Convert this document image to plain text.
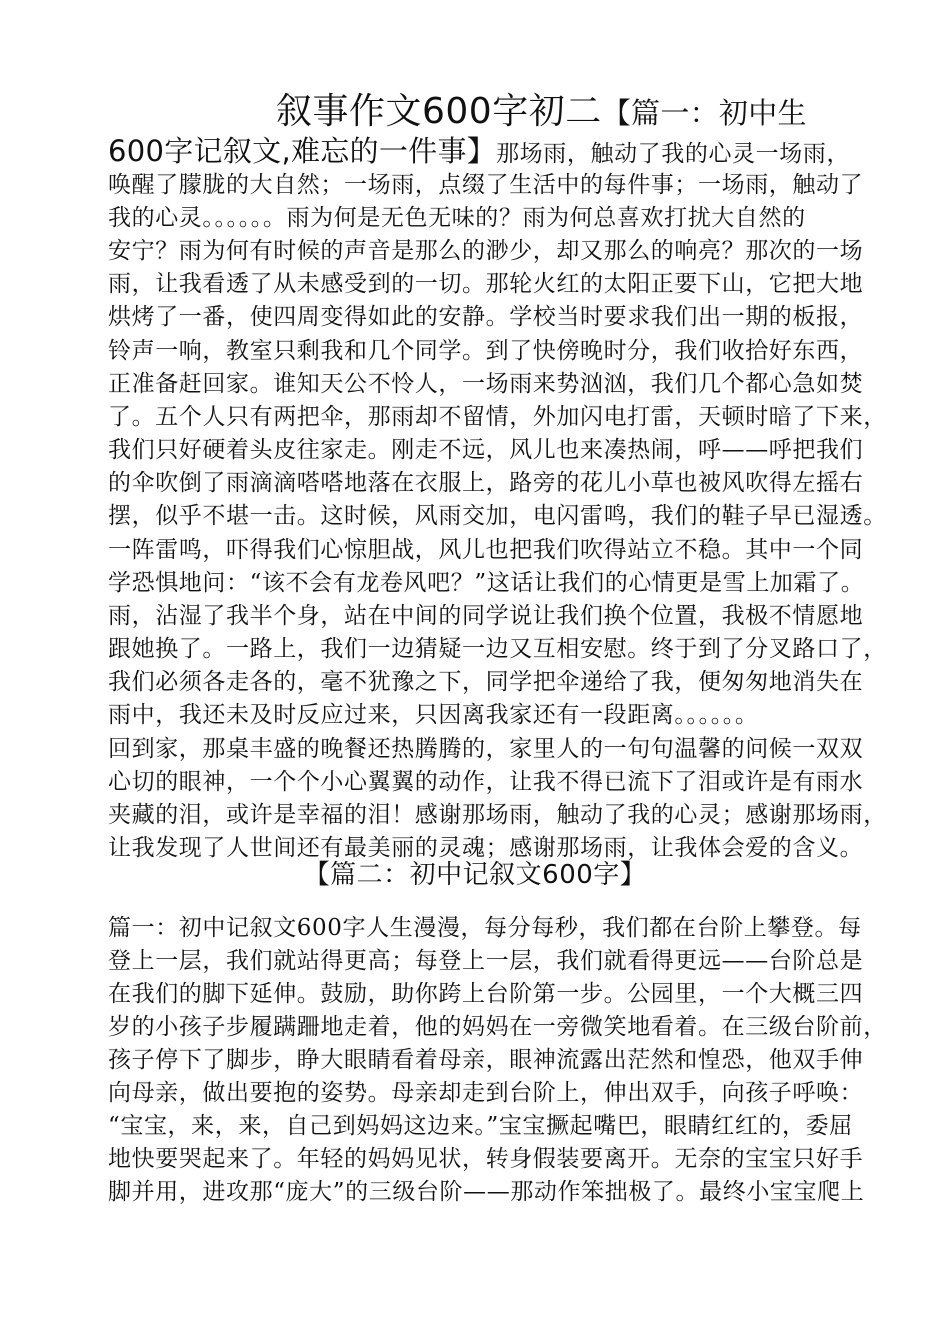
叙事作文600字初二【篇一：初中生
600字记叙文,难忘的一件事】那场雨，触动了我的心灵一场雨，
唤醒了朦胧的大自然；一场雨，点缀了生活中的每件事；一场雨，触动了
我的心灵。。。。。。雨为何是无色无味的？雨为何总喜欢打扰大自然的
安宁？雨为何有时候的声音是那么的渺少，却又那么的响亮？那次的一场
雨，让我看透了从未感受到的一切。那轮火红的太阳正要下山，它把大地
烘烤了一番，使四周变得如此的安静。学校当时要求我们出一期的板报，
铃声一响，教室只剩我和几个同学。到了快傍晚时分，我们收拾好东西，
正准备赶回家。谁知天公不怜人，一场雨来势汹汹，我们几个都心急如焚
了。五个人只有两把伞，那雨却不留情，外加闪电打雷，天顿时暗了下来，
我们只好硬着头皮往家走。刚走不远，风儿也来凑热闹，呼——呼把我们
的伞吹倒了雨滴滴嗒嗒地落在衣服上，路旁的花儿小草也被风吹得左摇右
摆，似乎不堪一击。这时候，风雨交加，电闪雷鸣，我们的鞋子早已湿透。
一阵雷鸣，吓得我们心惊胆战，风儿也把我们吹得站立不稳。其中一个同
学恐惧地问：“该不会有龙卷风吧？”这话让我们的心情更是雪上加霜了。
雨，沾湿了我半个身，站在中间的同学说让我们换个位置，我极不情愿地
跟她换了。一路上，我们一边猜疑一边又互相安慰。终于到了分叉路口了，
我们必须各走各的，毫不犹豫之下，同学把伞递给了我，便匆匆地消失在
雨中，我还未及时反应过来，只因离我家还有一段距离。。。。。。
回到家，那桌丰盛的晚餐还热腾腾的，家里人的一句句温馨的问候一双双
心切的眼神，一个个小心翼翼的动作，让我不得已流下了泪或许是有雨水
夹藏的泪，或许是幸福的泪！感谢那场雨，触动了我的心灵；感谢那场雨，
让我发现了人世间还有最美丽的灵魂；感谢那场雨，让我体会爱的含义。
【篇二：初中记叙文600字】
篇一：初中记叙文600字人生漫漫，每分每秒，我们都在台阶上攀登。每
登上一层，我们就站得更高；每登上一层，我们就看得更远——台阶总是
在我们的脚下延伸。鼓励，助你跨上台阶第一步。公园里，一个大概三四
岁的小孩子步履蹒跚地走着，他的妈妈在一旁微笑地看着。在三级台阶前，
孩子停下了脚步，睁大眼睛看着母亲，眼神流露出茫然和惶恐，他双手伸
向母亲，做出要抱的姿势。母亲却走到台阶上，伸出双手，向孩子呼唤：
“宝宝，来，来，自己到妈妈这边来。”宝宝撅起嘴巴，眼睛红红的，委屈
地快要哭起来了。年轻的妈妈见状，转身假装要离开。无奈的宝宝只好手
脚并用，进攻那“庞大”的三级台阶——那动作笨拙极了。最终小宝宝爬上
